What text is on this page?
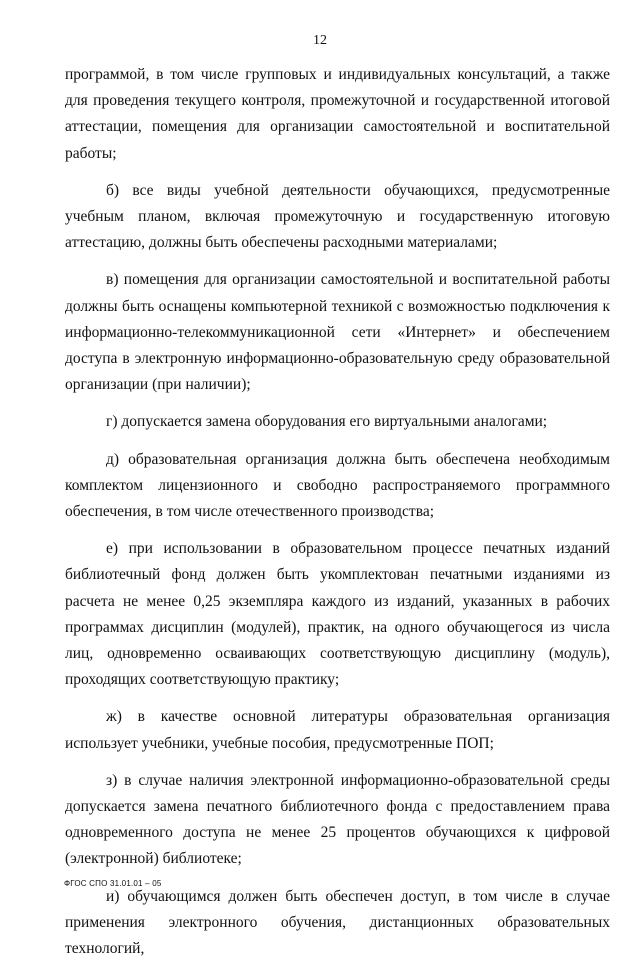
12

программой, в том числе групповых и индивидуальных консультаций, а также для проведения текущего контроля, промежуточной и государственной итоговой аттестации, помещения для организации самостоятельной и воспитательной работы;

б) все виды учебной деятельности обучающихся, предусмотренные учебным планом, включая промежуточную и государственную итоговую аттестацию, должны быть обеспечены расходными материалами;

в) помещения для организации самостоятельной и воспитательной работы должны быть оснащены компьютерной техникой с возможностью подключения к информационно-телекоммуникационной сети «Интернет» и обеспечением доступа в электронную информационно-образовательную среду образовательной организации (при наличии);

г) допускается замена оборудования его виртуальными аналогами;

д) образовательная организация должна быть обеспечена необходимым комплектом лицензионного и свободно распространяемого программного обеспечения, в том числе отечественного производства;

е) при использовании в образовательном процессе печатных изданий библиотечный фонд должен быть укомплектован печатными изданиями из расчета не менее 0,25 экземпляра каждого из изданий, указанных в рабочих программах дисциплин (модулей), практик, на одного обучающегося из числа лиц, одновременно осваивающих соответствующую дисциплину (модуль), проходящих соответствующую практику;

ж) в качестве основной литературы образовательная организация использует учебники, учебные пособия, предусмотренные ПОП;

з) в случае наличия электронной информационно-образовательной среды допускается замена печатного библиотечного фонда с предоставлением права одновременного доступа не менее 25 процентов обучающихся к цифровой (электронной) библиотеке;

и) обучающимся должен быть обеспечен доступ, в том числе в случае применения электронного обучения, дистанционных образовательных технологий,

ФГОС СПО 31.01.01 – 05
